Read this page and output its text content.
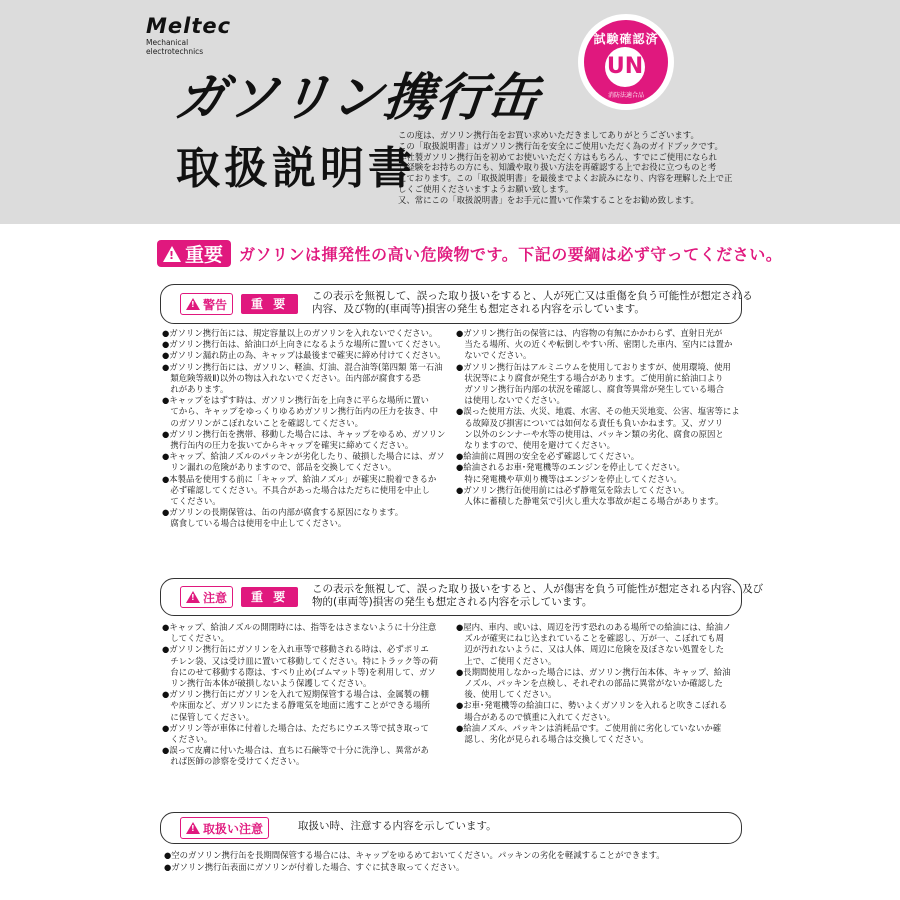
Meltec
Mechanical
electrotechnics
ガソリン携行缶
取扱説明書
試験確認済
UN
消防法適合品
この度は、ガソリン携行缶をお買い求めいただきましてありがとうございます。
この「取扱説明書」はガソリン携行缶を安全にご使用いただく為のガイドブックです。
弊社製ガソリン携行缶を初めてお使いいただく方はもちろん、すでにご使用になられ
た経験をお持ちの方にも、知識や取り扱い方法を再確認する上でお役に立つものと考
えております。この「取扱説明書」を最後までよくお読みになり、内容を理解した上で正
しくご使用くださいますようお願い致します。
又、常にこの「取扱説明書」をお手元に置いて作業することをお勧め致します。
!
重要 ガソリンは揮発性の高い危険物です。下記の要綱は必ず守ってください。
!
警告	重 要
この表示を無視して、誤った取り扱いをすると、人が死亡又は重傷を負う可能性が想定される
内容、及び物的(車両等)損害の発生も想定される内容を示しています。
●ガソリン携行缶には、規定容量以上のガソリンを入れないでください。
●ガソリン携行缶は、給油口が上向きになるような場所に置いてください。
●ガソリン漏れ防止の為、キャップは最後まで確実に締め付けてください。
●ガソリン携行缶には、ガソリン、軽油、灯油、混合油等(第四類 第一石油
　類危険等級Ⅱ)以外の物は入れないでください。缶内部が腐食する恐
　れがあります。
●キャップをはずす時は、ガソリン携行缶を上向きに平らな場所に置い
　てから、キャップをゆっくりゆるめガソリン携行缶内の圧力を抜き、中
　のガソリンがこぼれないことを確認してください。
●ガソリン携行缶を携帯、移動した場合には、キャップをゆるめ、ガソリン
　携行缶内の圧力を抜いてからキャップを確実に締めてください。
●キャップ、給油ノズルのパッキンが劣化したり、破損した場合には、ガソ
　リン漏れの危険がありますので、部品を交換してください。
●本製品を使用する前に「キャップ、給油ノズル」が確実に脱着できるか
　必ず確認してください。不具合があった場合はただちに使用を中止し
　てください。
●ガソリンの長期保管は、缶の内部が腐食する原因になります。
　腐食している場合は使用を中止してください。
●ガソリン携行缶の保管には、内容物の有無にかかわらず、直射日光が
　当たる場所、火の近くや転倒しやすい所、密閉した車内、室内には置か
　ないでください。
●ガソリン携行缶はアルミニウムを使用しておりますが、使用環境、使用
　状況等により腐食が発生する場合があります。ご使用前に給油口より
　ガソリン携行缶内部の状況を確認し、腐食等異常が発生している場合
　は使用しないでください。
●誤った使用方法、火災、地震、水害、その他天災地変、公害、塩害等によ
　る故障及び損害については如何なる責任も負いかねます。又、ガソリ
　ン以外のシンナーや水等の使用は、パッキン類の劣化、腐食の原因と
　なりますので、使用を避けてください。
●給油前に周囲の安全を必ず確認してください。
●給油されるお車･発電機等のエンジンを停止してください。
　特に発電機や草刈り機等はエンジンを停止してください。
●ガソリン携行缶使用前には必ず静電気を除去してください。
　人体に蓄積した静電気で引火し重大な事故が起こる場合があります。
!
注意	重 要
この表示を無視して、誤った取り扱いをすると、人が傷害を負う可能性が想定される内容、及び
物的(車両等)損害の発生も想定される内容を示しています。
●キャップ、給油ノズルの開閉時には、指等をはさまないように十分注意
　してください。
●ガソリン携行缶にガソリンを入れ車等で移動される時は、必ずポリエ
　チレン袋、又は受け皿に置いて移動してください。特にトラック等の荷
　台にのせて移動する際は、すべり止め(ゴムマット等)を利用して、ガソ
　リン携行缶本体が破損しないよう保護してください。
●ガソリン携行缶にガソリンを入れて短期保管する場合は、金属製の棚
　や床面など、ガソリンにたまる静電気を地面に逃すことができる場所
　に保管してください。
●ガソリン等が車体に付着した場合は、ただちにウエス等で拭き取って
　ください。
●誤って皮膚に付いた場合は、直ちに石鹸等で十分に洗浄し、異常があ
　れば医師の診察を受けてください。
●屋内、車内、或いは、周辺を汚す恐れのある場所での給油には、給油ノ
　ズルが確実にねじ込まれていることを確認し、万が一、こぼれても周
　辺が汚れないように、又は人体、周辺に危険を及ぼさない処置をした
　上で、ご使用ください。
●長期間使用しなかった場合には、ガソリン携行缶本体、キャップ、給油
　ノズル、パッキンを点検し、それぞれの部品に異常がないか確認した
　後、使用してください。
●お車･発電機等の給油口に、勢いよくガソリンを入れると吹きこぼれる
　場合があるので慎重に入れてください。
●給油ノズル、パッキンは消耗品です。ご使用前に劣化していないか確
　認し、劣化が見られる場合は交換してください。
!
取扱い注意	取扱い時、注意する内容を示しています。
●空のガソリン携行缶を長期間保管する場合には、キャップをゆるめておいてください。パッキンの劣化を軽減することができます。
●ガソリン携行缶表面にガソリンが付着した場合、すぐに拭き取ってください。
